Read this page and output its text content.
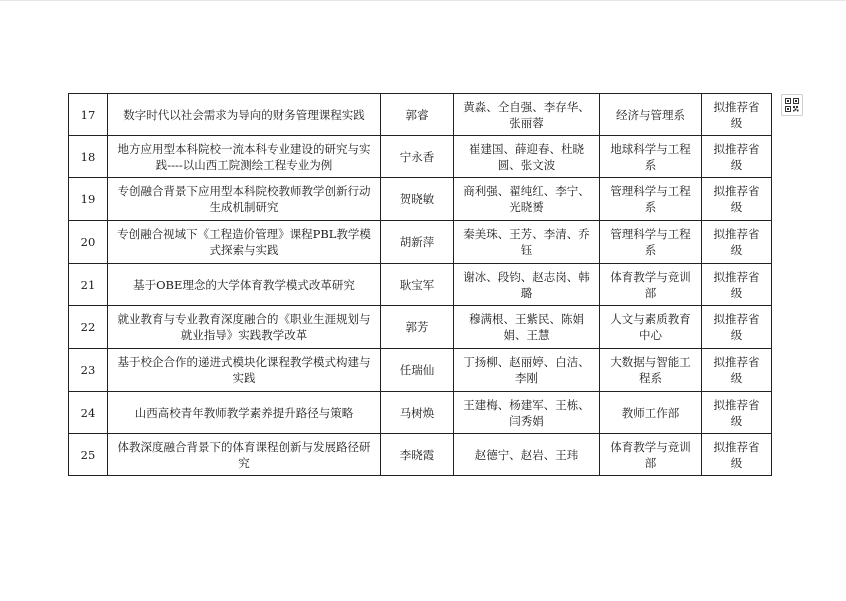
17	数字时代以社会需求为导向的财务管理课程实践	郭睿	黄淼、仝自强、李存华、张丽蓉	经济与管理系	拟推荐省级
18	地方应用型本科院校一流本科专业建设的研究与实践----以山西工院测绘工程专业为例	宁永香	崔建国、薛迎春、杜晓圆、张文波	地球科学与工程系	拟推荐省级
19	专创融合背景下应用型本科院校教师教学创新行动生成机制研究	贺晓敏	商利强、翟纯红、李宁、光晓赟	管理科学与工程系	拟推荐省级
20	专创融合视域下《工程造价管理》课程PBL教学模式探索与实践	胡新萍	秦美珠、王芳、李清、乔钰	管理科学与工程系	拟推荐省级
21	基于OBE理念的大学体育教学模式改革研究	耿宝军	谢冰、段钧、赵志岗、韩璐	体育教学与竞训部	拟推荐省级
22	就业教育与专业教育深度融合的《职业生涯规划与就业指导》实践教学改革	郭芳	穆满根、王紫民、陈娟娟、王慧	人文与素质教育中心	拟推荐省级
23	基于校企合作的递进式模块化课程教学模式构建与实践	任瑞仙	丁扬柳、赵丽婷、白洁、李刚	大数据与智能工程系	拟推荐省级
24	山西高校青年教师教学素养提升路径与策略	马树焕	王建梅、杨建军、王栋、闫秀娟	教师工作部	拟推荐省级
25	体教深度融合背景下的体育课程创新与发展路径研究	李晓霞	赵德宁、赵岩、王玮	体育教学与竞训部	拟推荐省级
